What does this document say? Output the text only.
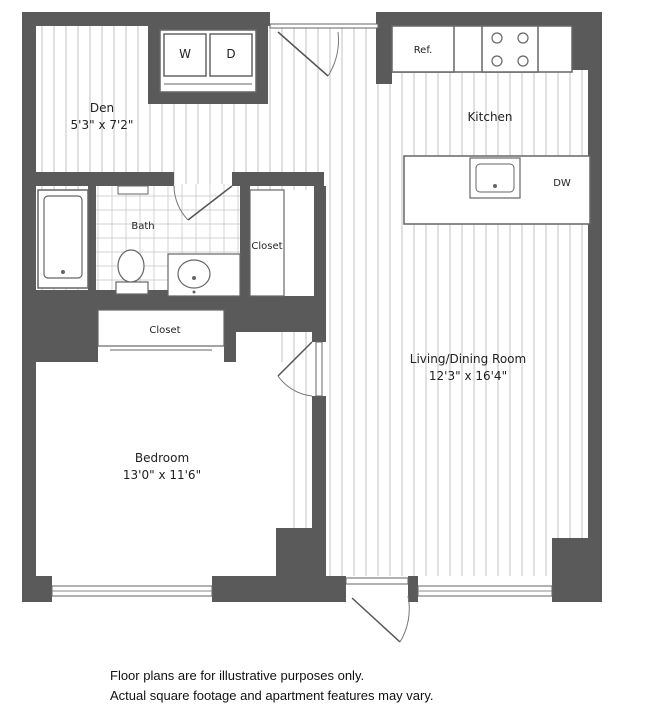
W	D	Ref.
DW
Den
5'3" x 7'2"
Kitchen
Bath
Closet
Closet
Living/Dining Room
12'3" x 16'4"
Bedroom
13'0" x 11'6"
Floor plans are for illustrative purposes only.
Actual square footage and apartment features may vary.
